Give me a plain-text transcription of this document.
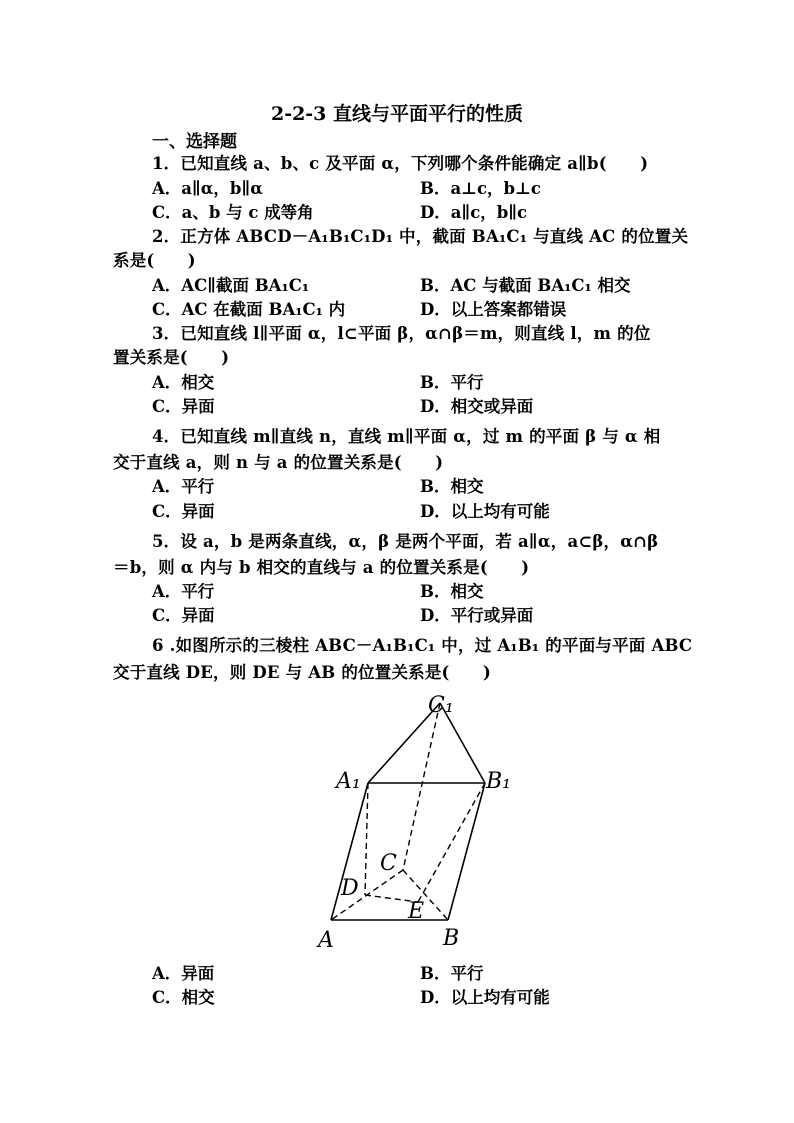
2-2-3 直线与平面平行的性质
一、选择题
1．已知直线 a、b、c 及平面 α，下列哪个条件能确定 a∥b(　　)
A．a∥α，b∥α	B．a⊥c，b⊥c
C．a、b 与 c 成等角	D．a∥c，b∥c
2．正方体 ABCD－A₁B₁C₁D₁ 中，截面 BA₁C₁ 与直线 AC 的位置关
系是(　　)
A．AC∥截面 BA₁C₁	B．AC 与截面 BA₁C₁ 相交
C．AC 在截面 BA₁C₁ 内	D．以上答案都错误
3．已知直线 l∥平面 α，l⊂平面 β，α∩β＝m，则直线 l，m 的位
置关系是(　　)
A．相交	B．平行
C．异面	D．相交或异面
4．已知直线 m∥直线 n，直线 m∥平面 α，过 m 的平面 β 与 α 相
交于直线 a，则 n 与 a 的位置关系是(　　)
A．平行	B．相交
C．异面	D．以上均有可能
5．设 a，b 是两条直线，α，β 是两个平面，若 a∥α，a⊂β，α∩β
＝b，则 α 内与 b 相交的直线与 a 的位置关系是(　　)
A．平行	B．相交
C．异面	D．平行或异面
6 .如图所示的三棱柱 ABC－A₁B₁C₁ 中，过 A₁B₁ 的平面与平面 ABC
交于直线 DE，则 DE 与 AB 的位置关系是(　　)
C₁
A₁	B₁
C
D
E
A	B
A．异面	B．平行
C．相交	D．以上均有可能
